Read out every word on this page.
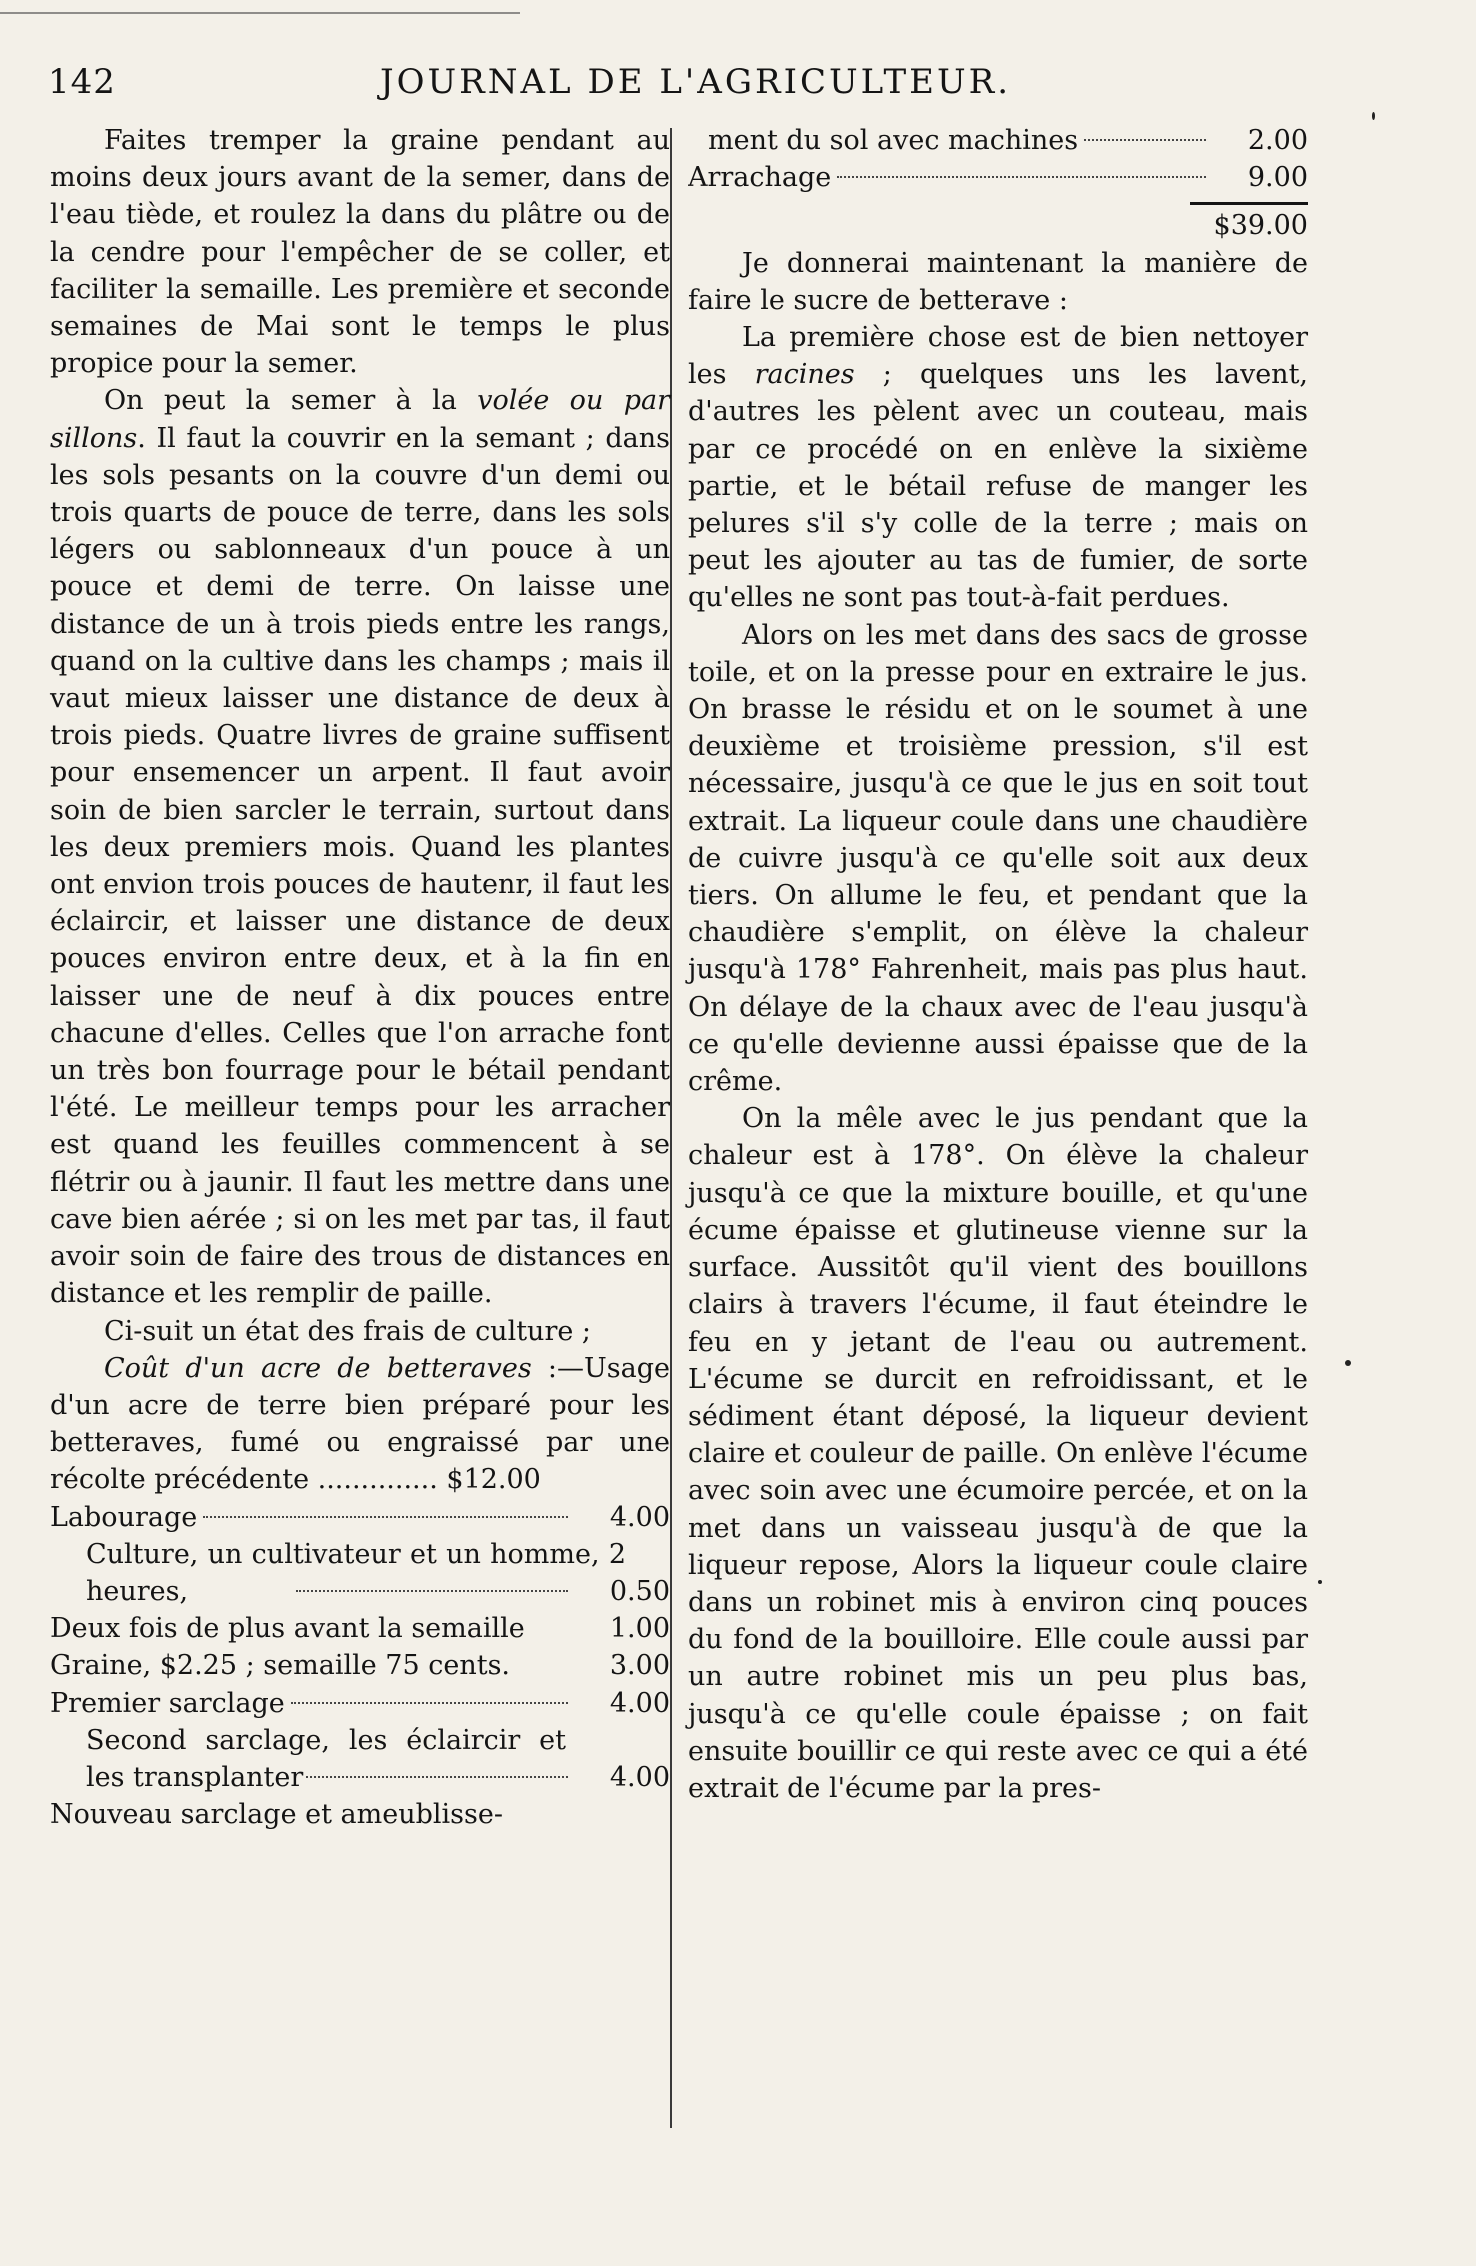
142	JOURNAL DE L'AGRICULTEUR.

Faites tremper la graine pendant au moins deux jours avant de la semer, dans de l'eau tiède, et roulez la dans du plâtre ou de la cendre pour l'empêcher de se coller, et faciliter la semaille. Les première et seconde semaines de Mai sont le temps le plus propice pour la semer.

On peut la semer à la volée ou par sillons. Il faut la couvrir en la semant ; dans les sols pesants on la couvre d'un demi ou trois quarts de pouce de terre, dans les sols légers ou sablonneaux d'un pouce à un pouce et demi de terre. On laisse une distance de un à trois pieds entre les rangs, quand on la cultive dans les champs ; mais il vaut mieux laisser une distance de deux à trois pieds. Quatre livres de graine suffisent pour ensemencer un arpent. Il faut avoir soin de bien sarcler le terrain, surtout dans les deux premiers mois. Quand les plantes ont envion trois pouces de hautenr, il faut les éclaircir, et laisser une distance de deux pouces environ entre deux, et à la fin en laisser une de neuf à dix pouces entre chacune d'elles. Celles que l'on arrache font un très bon fourrage pour le bétail pendant l'été. Le meilleur temps pour les arracher est quand les feuilles commencent à se flétrir ou à jaunir. Il faut les mettre dans une cave bien aérée ; si on les met par tas, il faut avoir soin de faire des trous de distances en distance et les remplir de paille.

Ci-suit un état des frais de culture ;

Coût d'un acre de betteraves :—Usage d'un acre de terre bien préparé pour les betteraves, fumé ou engraissé par une récolte précédente .............. $12.00

Labourage	4.00
Culture, un cultivateur et un homme, 2 heures,	0.50
Deux fois de plus avant la semaille	1.00
Graine, $2.25 ; semaille 75 cents.	3.00
Premier sarclage	4.00
Second sarclage, les éclaircir et les transplanter	4.00

Nouveau sarclage et ameublisse-

ment du sol avec machines	2.00
Arrachage	9.00
$39.00

Je donnerai maintenant la manière de faire le sucre de betterave :

La première chose est de bien nettoyer les racines ; quelques uns les lavent, d'autres les pèlent avec un couteau, mais par ce procédé on en enlève la sixième partie, et le bétail refuse de manger les pelures s'il s'y colle de la terre ; mais on peut les ajouter au tas de fumier, de sorte qu'elles ne sont pas tout-à-fait perdues.

Alors on les met dans des sacs de grosse toile, et on la presse pour en extraire le jus. On brasse le résidu et on le soumet à une deuxième et troisième pression, s'il est nécessaire, jusqu'à ce que le jus en soit tout extrait. La liqueur coule dans une chaudière de cuivre jusqu'à ce qu'elle soit aux deux tiers. On allume le feu, et pendant que la chaudière s'emplit, on élève la chaleur jusqu'à 178° Fahrenheit, mais pas plus haut. On délaye de la chaux avec de l'eau jusqu'à ce qu'elle devienne aussi épaisse que de la crême.

On la mêle avec le jus pendant que la chaleur est à 178°. On élève la chaleur jusqu'à ce que la mixture bouille, et qu'une écume épaisse et glutineuse vienne sur la surface. Aussitôt qu'il vient des bouillons clairs à travers l'écume, il faut éteindre le feu en y jetant de l'eau ou autrement. L'écume se durcit en refroidissant, et le sédiment étant déposé, la liqueur devient claire et couleur de paille. On enlève l'écume avec soin avec une écumoire percée, et on la met dans un vaisseau jusqu'à de que la liqueur repose, Alors la liqueur coule claire dans un robinet mis à environ cinq pouces du fond de la bouilloire. Elle coule aussi par un autre robinet mis un peu plus bas, jusqu'à ce qu'elle coule épaisse ; on fait ensuite bouillir ce qui reste avec ce qui a été extrait de l'écume par la pres-
